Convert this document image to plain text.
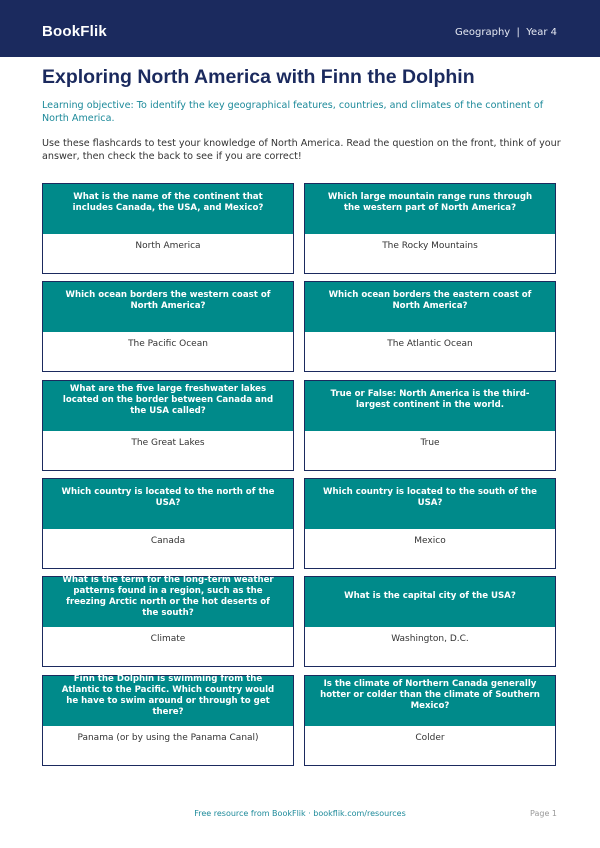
BookFlik	Geography  |  Year 4
Exploring North America with Finn the Dolphin
Learning objective: To identify the key geographical features, countries, and climates of the continent of North America.
Use these flashcards to test your knowledge of North America. Read the question on the front, think of your answer, then check the back to see if you are correct!
What is the name of the continent that includes Canada, the USA, and Mexico?
North America
Which large mountain range runs through the western part of North America?
The Rocky Mountains
Which ocean borders the western coast of North America?
The Pacific Ocean
Which ocean borders the eastern coast of North America?
The Atlantic Ocean
What are the five large freshwater lakes located on the border between Canada and the USA called?
The Great Lakes
True or False: North America is the third-largest continent in the world.
True
Which country is located to the north of the USA?
Canada
Which country is located to the south of the USA?
Mexico
What is the term for the long-term weather patterns found in a region, such as the freezing Arctic north or the hot deserts of the south?
Climate
What is the capital city of the USA?
Washington, D.C.
Finn the Dolphin is swimming from the Atlantic to the Pacific. Which country would he have to swim around or through to get there?
Panama (or by using the Panama Canal)
Is the climate of Northern Canada generally hotter or colder than the climate of Southern Mexico?
Colder
Free resource from BookFlik · bookflik.com/resources	Page 1
